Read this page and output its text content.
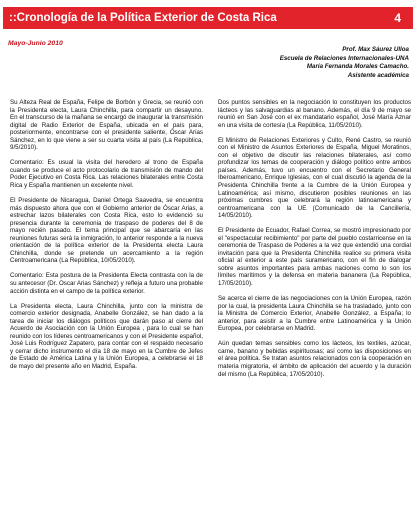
::Cronología de la Política Exterior de Costa Rica	4
Mayo-Junio 2010
Prof. Max Sáurez Ulloa
Escuela de Relaciones Internacionales-UNA
María Fernanda Morales Camacho.
Asistente académica

Su Alteza Real de España, Felipe de Borbón y Grecia, se reunió con la Presidenta electa, Laura Chinchilla, para compartir un desayuno. En el transcurso de la mañana se encargó de inaugurar la transmisión digital de Radio Exterior de España, ubicada en el país para, posteriormente, encontrarse con el presidente saliente, Óscar Arias Sánchez, en lo que viene a ser su cuarta visita al país (La República, 9/5/2010).

Comentario: Es usual la visita del heredero al trono de España cuando se produce el acto protocolario de transmisión de mando del Poder Ejecutivo en Costa Rica. Las relaciones bilaterales entre Costa Rica y España mantienen un excelente nivel.

El Presidente de Nicaragua, Daniel Ortega Saavedra, se encuentra más dispuesto ahora que con el Gobierno anterior de Óscar Arias, a estrechar lazos bilaterales con Costa Rica, esto lo evidenció su presencia durante la ceremonia de traspaso de poderes del 8 de mayo recién pasado. El tema principal que se abarcaría en las reuniones futuras será la inmigración, lo anterior responde a la nueva orientación de la política exterior de la Presidenta electa Laura Chinchilla, donde se pretende un acercamiento a la región Centroamericana (La República, 10/05/2010).

Comentario: Esta postura de la Presidenta Electa contrasta con la de su antecesor (Dr. Oscar Arias Sánchez) y refleja a futuro una probable acción distinta en el campo de la política exterior.

La Presidenta electa, Laura Chinchilla, junto con la ministra de comercio exterior designada, Anabelle González, se han dado a la tarea de iniciar los diálogos políticos que darán paso al cierre del Acuerdo de Asociación con la Unión Europea , para lo cual se han reunido con los líderes centroamericanos y con el Presidente español, José Luis Rodríguez Zapatero, para contar con el respaido necesario y cerrar dicho instrumento el día 18 de mayo en la Cumbre de Jefes de Estado de América Latina y la Unión Europea, a celebrarse el 18 de mayo del presente año en Madrid, España.

Dos puntos sensibles en la negociación lo constituyen los productos lácteos y las salvaguardias al banano. Además, el día 9 de mayo se reunió en San José con el ex mandatario español, José María Aznar en una visita de cortesía (La República, 11/05/2010).

El Ministro de Relaciones Exteriores y Culto, René Castro, se reunió con el Ministro de Asuntos Exteriores de España, Miguel Moratinos, con el objetivo de discutir las relaciones bilaterales, así como profundizar los temas de cooperación y diálogo político entre ambos países. Además, tuvo un encuentro con el Secretario General Iberoamericano, Enrique Iglesias, con el cual discutió la agenda de la Presidenta Chinchilla frente a la Cumbre de la Unión Europea y Latinoamérica; así mismo, discutieron posibles reuniones en las próximas cumbres que celebrará la región latinoamericana y centroamericana con la UE (Comunicado de la Cancillería, 14/05/2010).

El Presidente de Ecuador, Rafael Correa, se mostró impresionado por el "espectacular recibimiento" por parte del pueblo costarricense en la ceremonia de Traspaso de Poderes a la vez que extendió una cordial invitación para que la Presidenta Chinchilla realice su primera visita oficial al exterior a este país suramericano, con el fin de dialogar sobre asuntos importantes para ambas naciones como lo son los límites marítimos y la defensa en materia bananera (La República, 17/05/2010).

Se acerca el cierre de las negociaciones con la Unión Europea, razón por la cual, la presidenta Laura Chinchilla se ha trasladado, junto con la Ministra de Comercio Exterior, Anabelle González, a España; lo anterior, para asistir a la Cumbre entre Latinoamérica y la Unión Europea, por celebrarse en Madrid.

Aún quedan temas sensibles como los lácteos, los textiles, azúcar, carne, banano y bebidas espirituosas; así como las disposiciones en el área política. Se tratan asuntos relacionados con la cooperación en materia migratoria, el ámbito de aplicación del acuerdo y la duración del mismo (La República, 17/05/2010).
